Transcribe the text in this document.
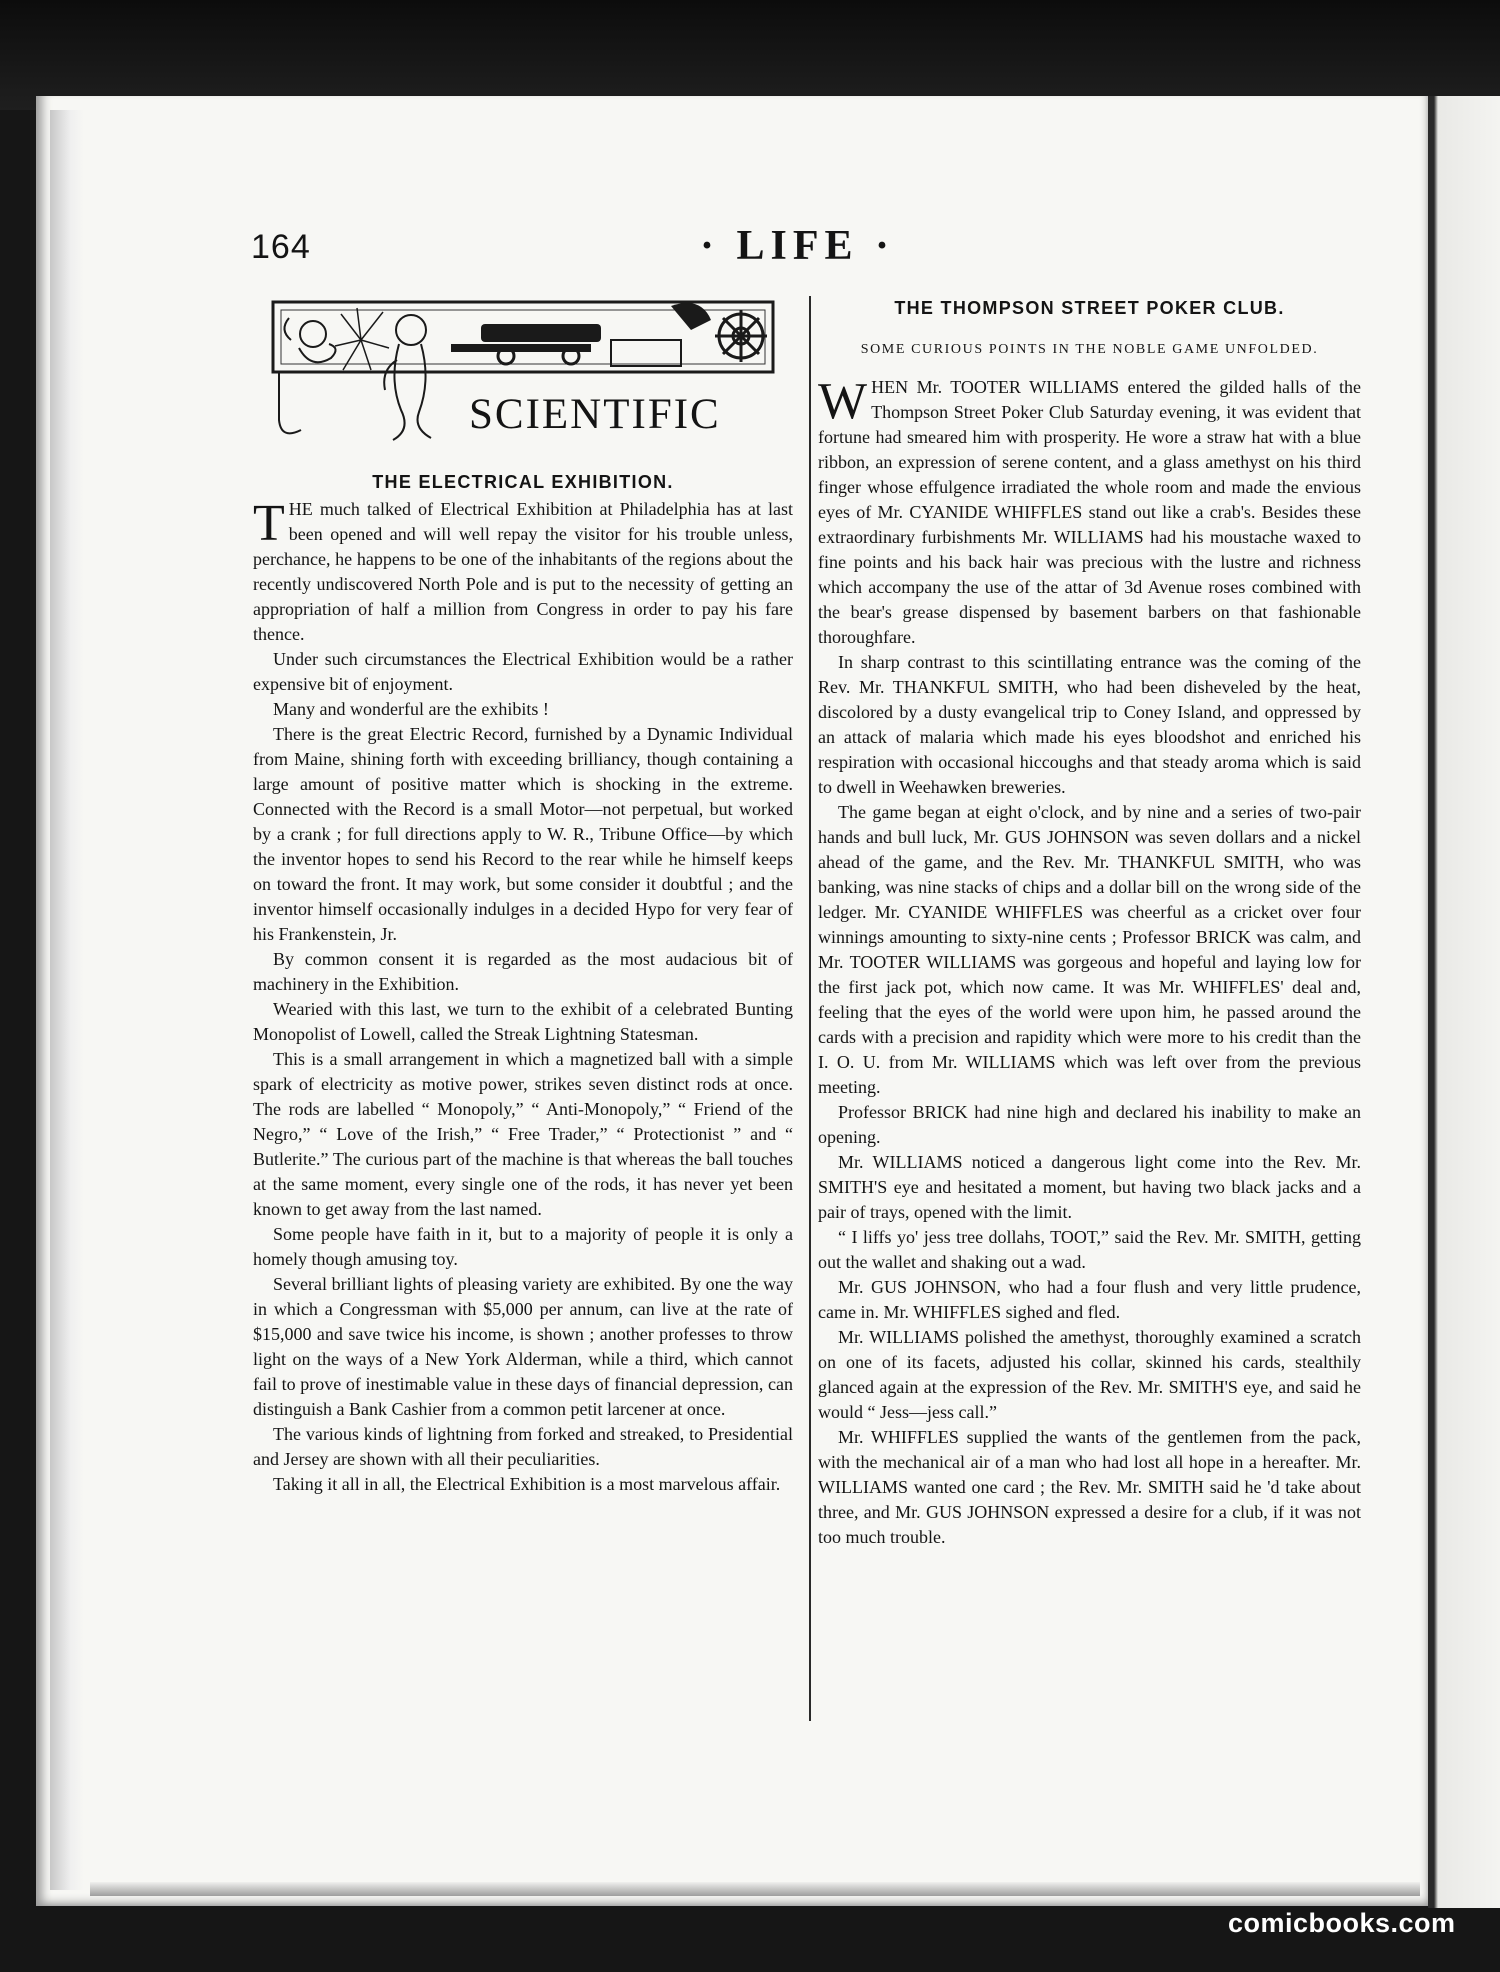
164	· LIFE ·
SCIENTIFIC
THE ELECTRICAL EXHIBITION.

T HE much talked of Electrical Exhibition at Philadelphia has at last been opened and will well repay the visitor for his trouble unless, perchance, he happens to be one of the inhabitants of the regions about the recently undiscovered North Pole and is put to the necessity of getting an appropriation of half a million from Congress in order to pay his fare thence.

Under such circumstances the Electrical Exhibition would be a rather expensive bit of enjoyment.

Many and wonderful are the exhibits !

There is the great Electric Record, furnished by a Dynamic Individual from Maine, shining forth with exceeding brilliancy, though containing a large amount of positive matter which is shocking in the extreme. Connected with the Record is a small Motor—not perpetual, but worked by a crank ; for full directions apply to W. R., Tribune Office—by which the inventor hopes to send his Record to the rear while he himself keeps on toward the front. It may work, but some consider it doubtful ; and the inventor himself occasionally indulges in a decided Hypo for very fear of his Frankenstein, Jr.

By common consent it is regarded as the most audacious bit of machinery in the Exhibition.

Wearied with this last, we turn to the exhibit of a celebrated Bunting Monopolist of Lowell, called the Streak Lightning Statesman.

This is a small arrangement in which a magnetized ball with a simple spark of electricity as motive power, strikes seven distinct rods at once. The rods are labelled “ Monopoly,” “ Anti-Monopoly,” “ Friend of the Negro,” “ Love of the Irish,” “ Free Trader,” “ Protectionist ” and “ Butlerite.” The curious part of the machine is that whereas the ball touches at the same moment, every single one of the rods, it has never yet been known to get away from the last named.

Some people have faith in it, but to a majority of people it is only a homely though amusing toy.

Several brilliant lights of pleasing variety are exhibited. By one the way in which a Congressman with $5,000 per annum, can live at the rate of $15,000 and save twice his income, is shown ; another professes to throw light on the ways of a New York Alderman, while a third, which cannot fail to prove of inestimable value in these days of financial depression, can distinguish a Bank Cashier from a common petit larcener at once.

The various kinds of lightning from forked and streaked, to Presidential and Jersey are shown with all their peculiarities.

Taking it all in all, the Electrical Exhibition is a most marvelous affair.

THE THOMPSON STREET POKER CLUB.
SOME CURIOUS POINTS IN THE NOBLE GAME UNFOLDED.

W HEN Mr. TOOTER WILLIAMS entered the gilded halls of the Thompson Street Poker Club Saturday evening, it was evident that fortune had smeared him with prosperity. He wore a straw hat with a blue ribbon, an expression of serene content, and a glass amethyst on his third finger whose effulgence irradiated the whole room and made the envious eyes of Mr. CYANIDE WHIFFLES stand out like a crab's. Besides these extraordinary furbishments Mr. WILLIAMS had his moustache waxed to fine points and his back hair was precious with the lustre and richness which accompany the use of the attar of 3d Avenue roses combined with the bear's grease dispensed by basement barbers on that fashionable thoroughfare.

In sharp contrast to this scintillating entrance was the coming of the Rev. Mr. THANKFUL SMITH, who had been disheveled by the heat, discolored by a dusty evangelical trip to Coney Island, and oppressed by an attack of malaria which made his eyes bloodshot and enriched his respiration with occasional hiccoughs and that steady aroma which is said to dwell in Weehawken breweries.

The game began at eight o'clock, and by nine and a series of two-pair hands and bull luck, Mr. GUS JOHNSON was seven dollars and a nickel ahead of the game, and the Rev. Mr. THANKFUL SMITH, who was banking, was nine stacks of chips and a dollar bill on the wrong side of the ledger. Mr. CYANIDE WHIFFLES was cheerful as a cricket over four winnings amounting to sixty-nine cents ; Professor BRICK was calm, and Mr. TOOTER WILLIAMS was gorgeous and hopeful and laying low for the first jack pot, which now came. It was Mr. WHIFFLES' deal and, feeling that the eyes of the world were upon him, he passed around the cards with a precision and rapidity which were more to his credit than the I. O. U. from Mr. WILLIAMS which was left over from the previous meeting.

Professor BRICK had nine high and declared his inability to make an opening.

Mr. WILLIAMS noticed a dangerous light come into the Rev. Mr. SMITH'S eye and hesitated a moment, but having two black jacks and a pair of trays, opened with the limit.

“ I liffs yo' jess tree dollahs, TOOT,” said the Rev. Mr. SMITH, getting out the wallet and shaking out a wad.

Mr. GUS JOHNSON, who had a four flush and very little prudence, came in. Mr. WHIFFLES sighed and fled.

Mr. WILLIAMS polished the amethyst, thoroughly examined a scratch on one of its facets, adjusted his collar, skinned his cards, stealthily glanced again at the expression of the Rev. Mr. SMITH'S eye, and said he would “ Jess—jess call.”

Mr. WHIFFLES supplied the wants of the gentlemen from the pack, with the mechanical air of a man who had lost all hope in a hereafter. Mr. WILLIAMS wanted one card ; the Rev. Mr. SMITH said he 'd take about three, and Mr. GUS JOHNSON expressed a desire for a club, if it was not too much trouble.

comicbooks.com
